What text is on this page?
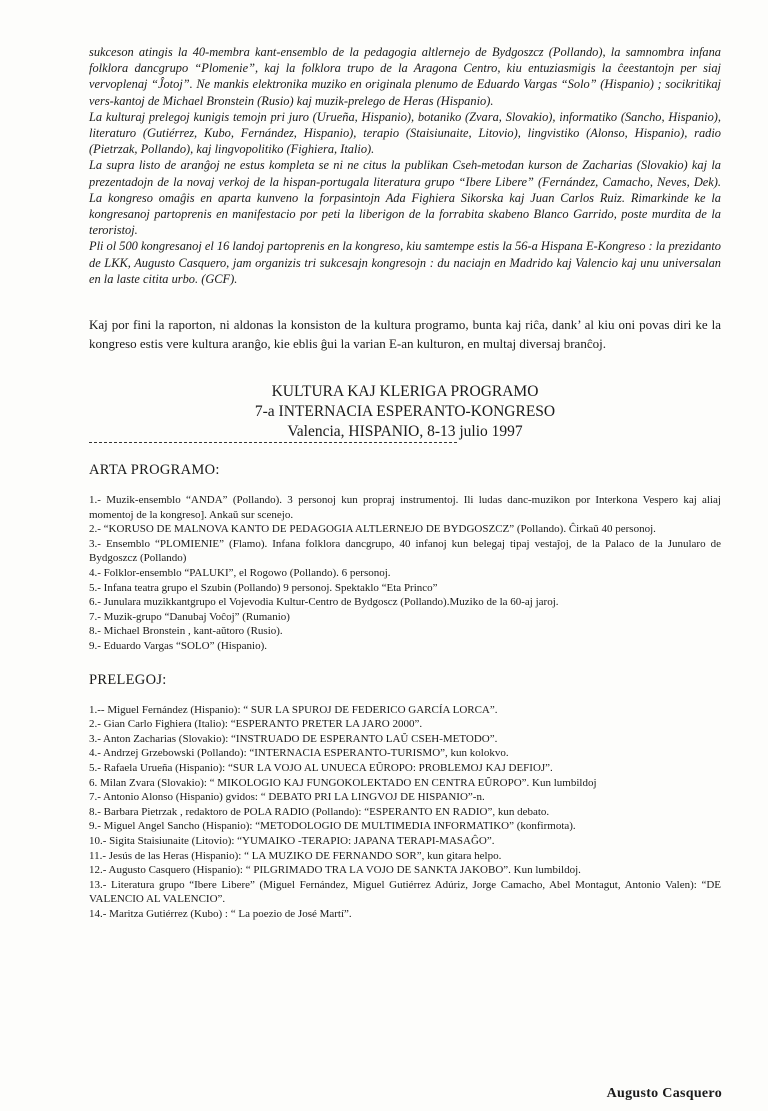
sukceson atingis la 40-membra kant-ensemblo de la pedagogia altlernejo de Bydgoszcz (Pollando), la samnombra infana folklora dancgrupo “Plomenie”, kaj la folklora trupo de la Aragona Centro, kiu entuziasmigis la ĉeestantojn per siaj vervoplenaj “Ĵotoj”. Ne mankis elektronika muziko en originala plenumo de Eduardo Vargas “Solo” (Hispanio) ; socikritikaj vers-kantoj de Michael Bronstein (Rusio) kaj muzik-prelego de Heras (Hispanio).

La kulturaj prelegoj kunigis temojn pri juro (Urueña, Hispanio), botaniko (Zvara, Slovakio), informatiko (Sancho, Hispanio), literaturo (Gutiérrez, Kubo, Fernández, Hispanio), terapio (Staisiunaite, Litovio), lingvistiko (Alonso, Hispanio), radio (Pietrzak, Pollando), kaj lingvopolitiko (Fighiera, Italio).

La supra listo de aranĝoj ne estus kompleta se ni ne citus la publikan Cseh-metodan kurson de Zacharias (Slovakio) kaj la prezentadojn de la novaj verkoj de la hispan-portugala literatura grupo “Ibere Libere” (Fernández, Camacho, Neves, Dek). La kongreso omaĝis en aparta kunveno la forpasintojn Ada Fighiera Sikorska kaj Juan Carlos Ruiz. Rimarkinde ke la kongresanoj partoprenis en manifestacio por peti la liberigon de la forrabita skabeno Blanco Garrido, poste murdita de la teroristoj.

Pli ol 500 kongresanoj el 16 landoj partoprenis en la kongreso, kiu samtempe estis la 56-a Hispana E-Kongreso : la prezidanto de LKK, Augusto Casquero, jam organizis tri sukcesajn kongresojn : du naciajn en Madrido kaj Valencio kaj unu universalan en la laste citita urbo. (GCF).

Kaj por fini la raporton, ni aldonas la konsiston de la kultura programo, bunta kaj riĉa, dank’ al kiu oni povas diri ke la kongreso estis vere kultura aranĝo, kie eblis ĝui la varian E-an kulturon, en multaj diversaj branĉoj.

KULTURA KAJ KLERIGA PROGRAMO
7-a INTERNACIA ESPERANTO-KONGRESO
Valencia, HISPANIO, 8-13 julio 1997
ARTA PROGRAMO:
1.- Muzik-ensemblo “ANDA” (Pollando). 3 personoj kun propraj instrumentoj. Ili ludas danc-muzikon por Interkona Vespero kaj aliaj momentoj de la kongreso]. Ankaŭ sur scenejo.
2.- “KORUSO DE MALNOVA KANTO DE PEDAGOGIA ALTLERNEJO DE BYDGOSZCZ” (Pollando). Ĉirkaŭ 40 personoj.
3.- Ensemblo “PLOMIENIE” (Flamo). Infana folklora dancgrupo, 40 infanoj kun belegaj tipaj vestaĵoj, de la Palaco de la Junularo de Bydgoszcz (Pollando)
4.- Folklor-ensemblo “PALUKI”, el Rogowo (Pollando). 6 personoj.
5.- Infana teatra grupo el Szubin (Pollando) 9 personoj. Spektaklo “Eta Princo”
6.- Junulara muzikkantgrupo el Vojevodia Kultur-Centro de Bydgoscz (Pollando).Muziko de la 60-aj jaroj.
7.- Muzik-grupo “Danubaj Voĉoj” (Rumanio)
8.- Michael Bronstein , kant-aŭtoro (Rusio).
9.- Eduardo Vargas “SOLO” (Hispanio).
PRELEGOJ:
1.-- Miguel Fernández (Hispanio): “ SUR LA SPUROJ DE FEDERICO GARCÍA LORCA”.
2.- Gian Carlo Fighiera (Italio): “ESPERANTO PRETER LA JARO 2000”.
3.- Anton Zacharias (Slovakio): “INSTRUADO DE ESPERANTO LAŬ CSEH-METODO”.
4.- Andrzej Grzebowski (Pollando): “INTERNACIA ESPERANTO-TURISMO”, kun kolokvo.
5.- Rafaela Urueña (Hispanio): “SUR LA VOJO AL UNUECA EŬROPO: PROBLEMOJ KAJ DEFIOJ”.
6. Milan Zvara (Slovakio): “ MIKOLOGIO KAJ FUNGOKOLEKTADO EN CENTRA EŬROPO”. Kun lumbildoj
7.- Antonio Alonso (Hispanio) gvidos: “ DEBATO PRI LA LINGVOJ DE HISPANIO”-n.
8.- Barbara Pietrzak , redaktoro de POLA RADIO (Pollando): “ESPERANTO EN RADIO”, kun debato.
9.- Miguel Angel Sancho (Hispanio): “METODOLOGIO DE MULTIMEDIA INFORMATIKO” (konfirmota).
10.- Sigita Staisiunaite (Litovio): “YUMAIKO -TERAPIO: JAPANA TERAPI-MASAĜO”.
11.- Jesús de las Heras (Hispanio): “ LA MUZIKO DE FERNANDO SOR”, kun gitara helpo.
12.- Augusto Casquero (Hispanio): “ PILGRIMADO TRA LA VOJO DE SANKTA JAKOBO”. Kun lumbildoj.
13.- Literatura grupo “Ibere Libere” (Miguel Fernández, Miguel Gutiérrez Adúriz, Jorge Camacho, Abel Montagut, Antonio Valen): “DE VALENCIO AL VALENCIO”.
14.- Maritza Gutiérrez (Kubo) : “ La poezio de José Martí”.
Augusto Casquero
